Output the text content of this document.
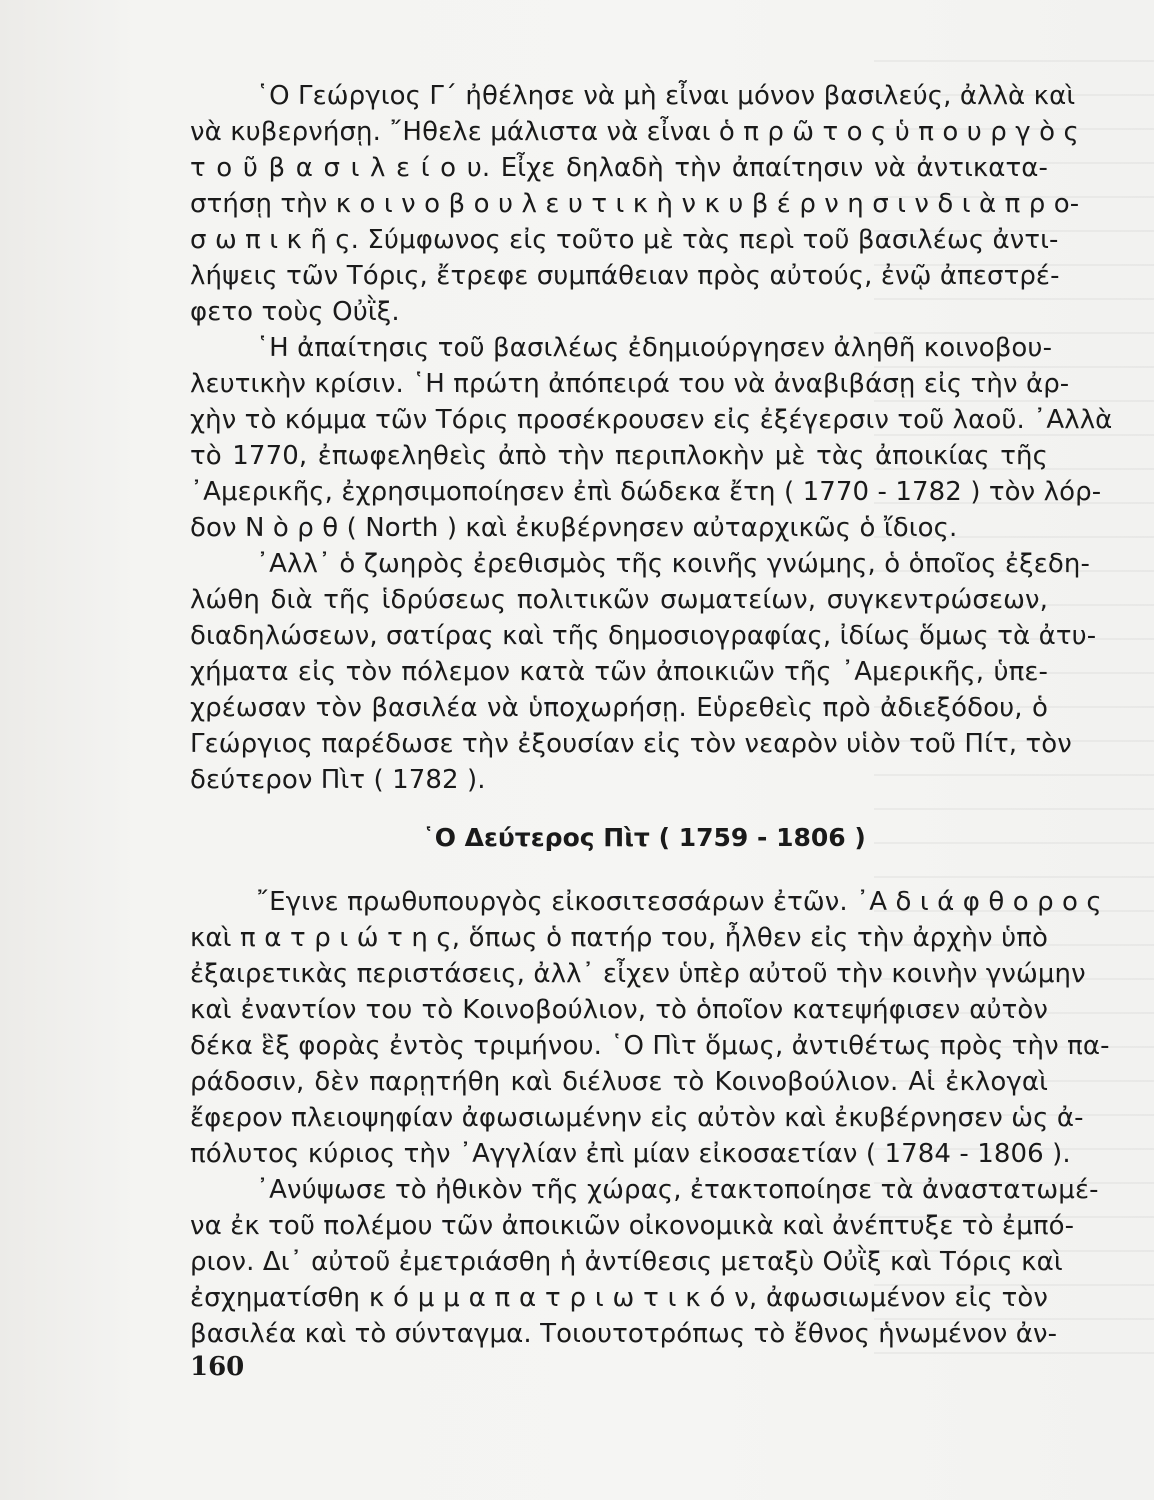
῾Ο Γεώργιος Γ΄ ἠθέλησε νὰ μὴ εἶναι μόνον βασιλεύς, ἀλλὰ καὶ
νὰ κυβερνήσῃ. ῎Ηθελε μάλιστα νὰ εἶναι ὁ π ρ ῶ τ ο ς ὑ π ο υ ρ γ ὸ ς
τ ο ῦ β α σ ι λ ε ί ο υ. Εἶχε δηλαδὴ τὴν ἀπαίτησιν νὰ ἀντικατα-
στήσῃ τὴν κ ο ι ν ο β ο υ λ ε υ τ ι κ ὴ ν κ υ β έ ρ ν η σ ι ν δ ι ὰ π ρ ο-
σ ω π ι κ ῆ ς. Σύμφωνος εἰς τοῦτο μὲ τὰς περὶ τοῦ βασιλέως ἀντι-
λήψεις τῶν Τόρις, ἔτρεφε συμπάθειαν πρὸς αὐτούς, ἐνῷ ἀπεστρέ-
φετο τοὺς Οὐῒξ.
῾Η ἀπαίτησις τοῦ βασιλέως ἐδημιούργησεν ἀληθῆ κοινοβου-
λευτικὴν κρίσιν. ῾Η πρώτη ἀπόπειρά του νὰ ἀναβιβάσῃ εἰς τὴν ἀρ-
χὴν τὸ κόμμα τῶν Τόρις προσέκρουσεν εἰς ἐξέγερσιν τοῦ λαοῦ. ᾿Αλλὰ
τὸ 1770, ἐπωφεληθεὶς ἀπὸ τὴν περιπλοκὴν μὲ τὰς ἀποικίας τῆς
᾿Αμερικῆς, ἐχρησιμοποίησεν ἐπὶ δώδεκα ἔτη ( 1770 - 1782 ) τὸν λόρ-
δον Ν ὸ ρ θ ( North ) καὶ ἐκυβέρνησεν αὐταρχικῶς ὁ ἴδιος.
᾿Αλλ᾿ ὁ ζωηρὸς ἐρεθισμὸς τῆς κοινῆς γνώμης, ὁ ὁποῖος ἐξεδη-
λώθη διὰ τῆς ἱδρύσεως πολιτικῶν σωματείων, συγκεντρώσεων,
διαδηλώσεων, σατίρας καὶ τῆς δημοσιογραφίας, ἰδίως ὅμως τὰ ἀτυ-
χήματα εἰς τὸν πόλεμον κατὰ τῶν ἀποικιῶν τῆς ᾿Αμερικῆς, ὑπε-
χρέωσαν τὸν βασιλέα νὰ ὑποχωρήσῃ. Εὑρεθεὶς πρὸ ἀδιεξόδου, ὁ
Γεώργιος παρέδωσε τὴν ἐξουσίαν εἰς τὸν νεαρὸν υἱὸν τοῦ Πίτ, τὸν
δεύτερον Πὶτ ( 1782 ).
῾Ο Δεύτερος Πὶτ ( 1759 - 1806 )
῎Εγινε πρωθυπουργὸς εἰκοσιτεσσάρων ἐτῶν. ᾿Α δ ι ά φ θ ο ρ ο ς
καὶ π α τ ρ ι ώ τ η ς, ὅπως ὁ πατήρ του, ἦλθεν εἰς τὴν ἀρχὴν ὑπὸ
ἐξαιρετικὰς περιστάσεις, ἀλλ᾿ εἶχεν ὑπὲρ αὐτοῦ τὴν κοινὴν γνώμην
καὶ ἐναντίον του τὸ Κοινοβούλιον, τὸ ὁποῖον κατεψήφισεν αὐτὸν
δέκα ἓξ φορὰς ἐντὸς τριμήνου. ῾Ο Πὶτ ὅμως, ἀντιθέτως πρὸς τὴν πα-
ράδοσιν, δὲν παρῃτήθη καὶ διέλυσε τὸ Κοινοβούλιον. Αἱ ἐκλογαὶ
ἔφερον πλειοψηφίαν ἀφωσιωμένην εἰς αὐτὸν καὶ ἐκυβέρνησεν ὡς ἀ-
πόλυτος κύριος τὴν ᾿Αγγλίαν ἐπὶ μίαν εἰκοσαετίαν ( 1784 - 1806 ).
᾿Ανύψωσε τὸ ἠθικὸν τῆς χώρας, ἐτακτοποίησε τὰ ἀναστατωμέ-
να ἐκ τοῦ πολέμου τῶν ἀποικιῶν οἰκονομικὰ καὶ ἀνέπτυξε τὸ ἐμπό-
ριον. Δι᾿ αὐτοῦ ἐμετριάσθη ἡ ἀντίθεσις μεταξὺ Οὐῒξ καὶ Τόρις καὶ
ἐσχηματίσθη κ ό μ μ α π α τ ρ ι ω τ ι κ ό ν, ἀφωσιωμένον εἰς τὸν
βασιλέα καὶ τὸ σύνταγμα. Τοιουτοτρόπως τὸ ἔθνος ἡνωμένον ἀν-
160
